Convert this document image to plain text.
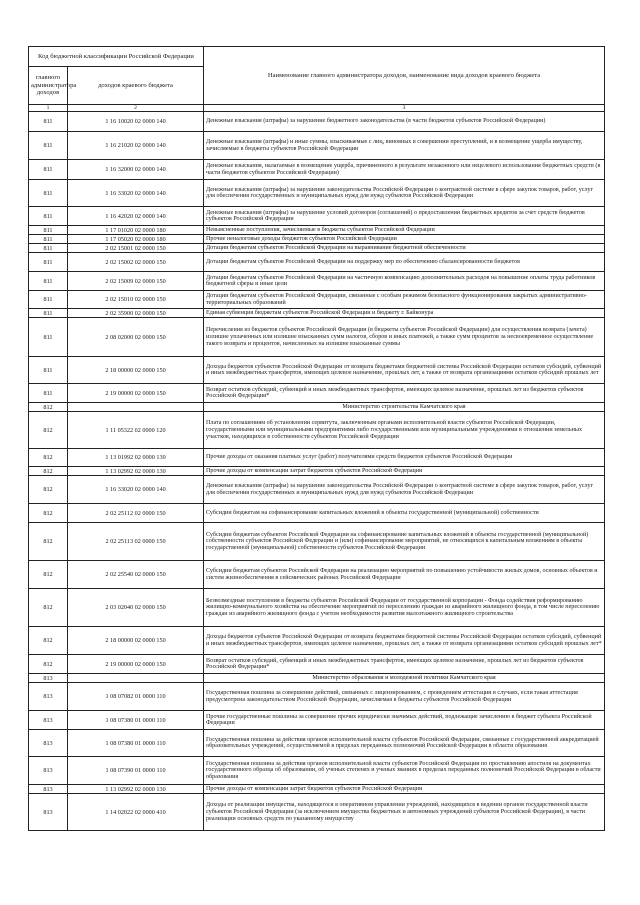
Код бюджетной классификации Российской Федерации		Наименование главного администратора доходов, наименование вида доходов краевого бюджета
главного администратора доходов	доходов краевого бюджета	
1	2	3
811	1 16 10020 02 0000 140	Денежные взыскания (штрафы) за нарушение бюджетного законодательства (в части бюджетов субъектов Российской Федерации)
811	1 16 21020 02 0000 140	Денежные взыскания (штрафы) и иные суммы, взыскиваемые с лиц, виновных в совершении преступлений, и в возмещение ущерба имуществу, зачисляемые в бюджеты субъектов Российской Федерации
811	1 16 32000 02 0000 140	Денежные взыскания, налагаемые в возмещение ущерба, причиненного в результате незаконного или нецелевого использования бюджетных средств (в части бюджетов субъектов Российской Федерации)
811	1 16 33020 02 0000 140	Денежные взыскания (штрафы) за нарушение законодательства Российской Федерации о контрактной системе в сфере закупок товаров, работ, услуг для обеспечения государственных и муниципальных нужд для нужд субъектов Российской Федерации
811	1 16 42020 02 0000 140	Денежные взыскания (штрафы) за нарушение условий договоров (соглашений) о предоставлении бюджетных кредитов за счет средств бюджетов субъектов Российской Федерации
811	1 17 01020 02 0000 180	Невыясненные поступления, зачисляемые в бюджеты субъектов Российской Федерации
811	1 17 05020 02 0000 180	Прочие неналоговые доходы бюджетов субъектов Российской Федерации
811	2 02 15001 02 0000 150	Дотации бюджетам субъектов Российской Федерации на выравнивание бюджетной обеспеченности
811	2 02 15002 02 0000 150	Дотации бюджетам субъектов Российской Федерации на поддержку мер по обеспечению сбалансированности бюджетов
811	2 02 15009 02 0000 150	Дотации бюджетам субъектов Российской Федерации на частичную компенсацию дополнительных расходов на повышение оплаты труда работников бюджетной сферы и иные цели
811	2 02 15010 02 0000 150	Дотации бюджетам субъектов Российской Федерации, связанные с особым режимом безопасного функционирования закрытых административно-территориальных образований
811	2 02 35900 02 0000 150	Единая субвенция бюджетам субъектов Российской Федерации и бюджету г. Байконура
811	2 08 02000 02 0000 150	Перечисления из бюджетов субъектов Российской Федерации (в бюджеты субъектов Российской Федерации) для осуществления возврата (зачета) излишне уплаченных или излишне взысканных сумм налогов, сборов и иных платежей, а также сумм процентов за несвоевременное осуществление такого возврата и процентов, начисленных на излишне взысканные суммы
811	2 18 00000 02 0000 150	Доходы бюджетов субъектов Российской Федерации от возврата бюджетами бюджетной системы Российской Федерации остатков субсидий, субвенций и иных межбюджетных трансфертов, имеющих целевое назначение, прошлых лет, а также от возврата организациями остатков субсидий прошлых лет
811	2 19 00000 02 0000 150	Возврат остатков субсидий, субвенций и иных межбюджетных трансфертов, имеющих целевое назначение, прошлых лет из бюджетов субъектов Российской Федерации*
812		Министерство строительства Камчатского края
812	1 11 05322 02 0000 120	Плата по соглашениям об установлении сервитута, заключенным органами исполнительной власти субъектов Российской Федерации, государственными или муниципальными предприятиями либо государственными или муниципальными учреждениями в отношении земельных участков, находящихся в собственности субъектов Российской Федерации
812	1 13 01992 02 0000 130	Прочие доходы от оказания платных услуг (работ) получателями средств бюджетов субъектов Российской Федерации
812	1 13 02992 02 0000 130	Прочие доходы от компенсации затрат бюджетов субъектов Российской Федерации
812	1 16 33020 02 0000 140	Денежные взыскания (штрафы) за нарушение законодательства Российской Федерации о контрактной системе в сфере закупок товаров, работ, услуг для обеспечения государственных и муниципальных нужд для нужд субъектов Российской Федерации
812	2 02 25112 02 0000 150	Субсидии бюджетам на софинансирование капитальных вложений в объекты государственной (муниципальной) собственности
812	2 02 25113 02 0000 150	Субсидии бюджетам субъектов Российской Федерации на софинансирование капитальных вложений в объекты государственной (муниципальной) собственности субъектов Российской Федерации и (или) софинансирование мероприятий, не относящихся к капитальным вложениям в объекты государственной (муниципальной) собственности субъектов Российской Федерации
812	2 02 25540 02 0000 150	Субсидии бюджетам субъектов Российской Федерации на реализацию мероприятий по повышению устойчивости жилых домов, основных объектов и систем жизнеобеспечения в сейсмических районах Российской Федерации
812	2 03 02040 02 0000 150	Безвозмездные поступления в бюджеты субъектов Российской Федерации от государственной корпорации - Фонда содействия реформированию жилищно-коммунального хозяйства на обеспечение мероприятий по переселению граждан из аварийного жилищного фонда, в том числе переселению граждан из аварийного жилищного фонда с учетом необходимости развития малоэтажного жилищного строительства
812	2 18 00000 02 0000 150	Доходы бюджетов субъектов Российской Федерации от возврата бюджетами бюджетной системы Российской Федерации остатков субсидий, субвенций и иных межбюджетных трансфертов, имеющих целевое назначение, прошлых лет, а также от возврата организациями остатков субсидий прошлых лет*
812	2 19 00000 02 0000 150	Возврат остатков субсидий, субвенций и иных межбюджетных трансфертов, имеющих целевое назначение, прошлых лет из бюджетов субъектов Российской Федерации*
813		Министерство образования и молодежной политики Камчатского края
813	1 08 07082 01 0000 110	Государственная пошлина за совершение действий, связанных с лицензированием, с проведением аттестации в случаях, если такая аттестация предусмотрена законодательством Российской Федерации, зачисляемая в бюджеты субъектов Российской Федерации
813	1 08 07380 01 0000 110	Прочие государственные пошлины за совершение прочих юридически значимых действий, подлежащие зачислению в бюджет субъекта Российской Федерации
813	1 08 07380 01 0000 110	Государственная пошлина за действия органов исполнительной власти субъектов Российской Федерации, связанные с государственной аккредитацией образовательных учреждений, осуществляемой в пределах переданных полномочий Российской Федерации в области образования
813	1 08 07390 01 0000 110	Государственная пошлина за действия органов исполнительной власти субъектов Российской Федерации по проставлению апостиля на документах государственного образца об образовании, об ученых степенях и ученых званиях в пределах переданных полномочий Российской Федерации в области образования
813	1 13 02992 02 0000 130	Прочие доходы от компенсации затрат бюджетов субъектов Российской Федерации
813	1 14 02022 02 0000 410	Доходы от реализации имущества, находящегося в оперативном управлении учреждений, находящихся в ведении органов государственной власти субъектов Российской Федерации (за исключением имущества бюджетных и автономных учреждений субъектов Российской Федерации), в части реализации основных средств по указанному имуществу
